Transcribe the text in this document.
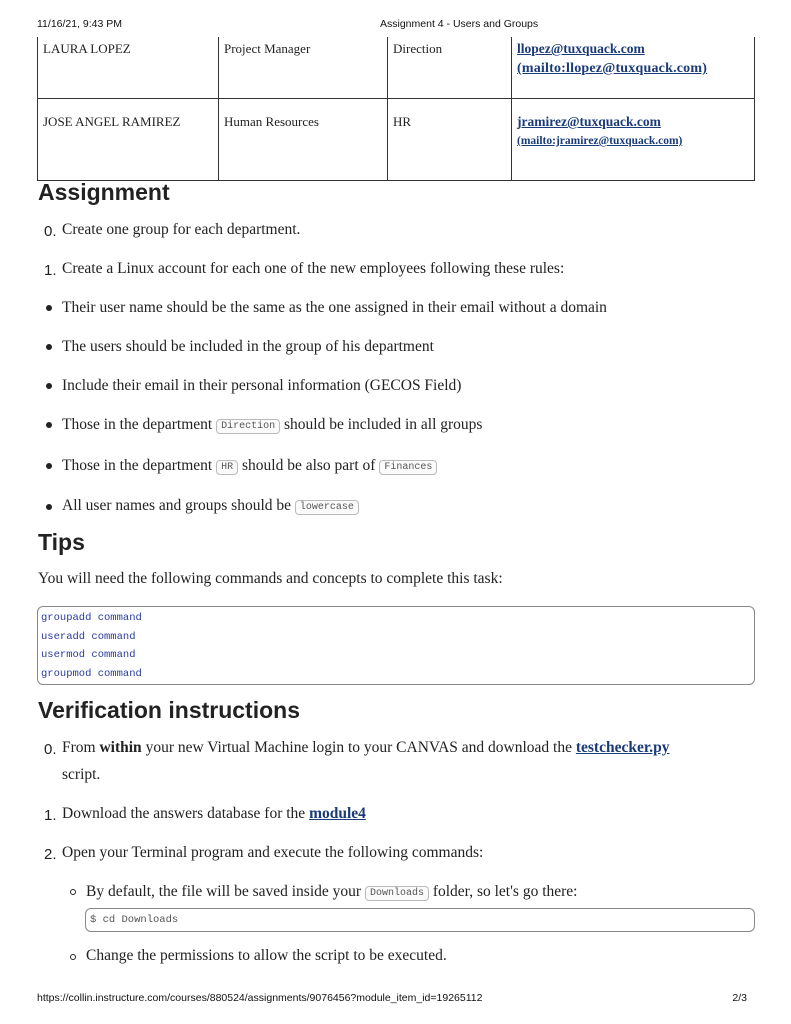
11/16/21, 9:43 PM	Assignment 4 - Users and Groups
LAURA LOPEZ	Project Manager	Direction	llopez@tuxquack.com
(mailto:llopez@tuxquack.com)

JOSE ANGEL RAMIREZ	Human Resources	HR	jramirez@tuxquack.com
(mailto:jramirez@tuxquack.com)
Assignment
0. Create one group for each department.
1. Create a Linux account for each one of the new employees following these rules:
Their user name should be the same as the one assigned in their email without a domain
The users should be included in the group of his department
Include their email in their personal information (GECOS Field)
Those in the department Direction should be included in all groups
Those in the department HR should be also part of Finances
All user names and groups should be lowercase
Tips
You will need the following commands and concepts to complete this task:
groupadd command
useradd command
usermod command
groupmod command
Verification instructions
0. From within your new Virtual Machine login to your CANVAS and download the testchecker.py
script.
1. Download the answers database for the module4
2. Open your Terminal program and execute the following commands:
By default, the file will be saved inside your Downloads folder, so let's go there:
$ cd Downloads
Change the permissions to allow the script to be executed.
https://collin.instructure.com/courses/880524/assignments/9076456?module_item_id=19265112	2/3
